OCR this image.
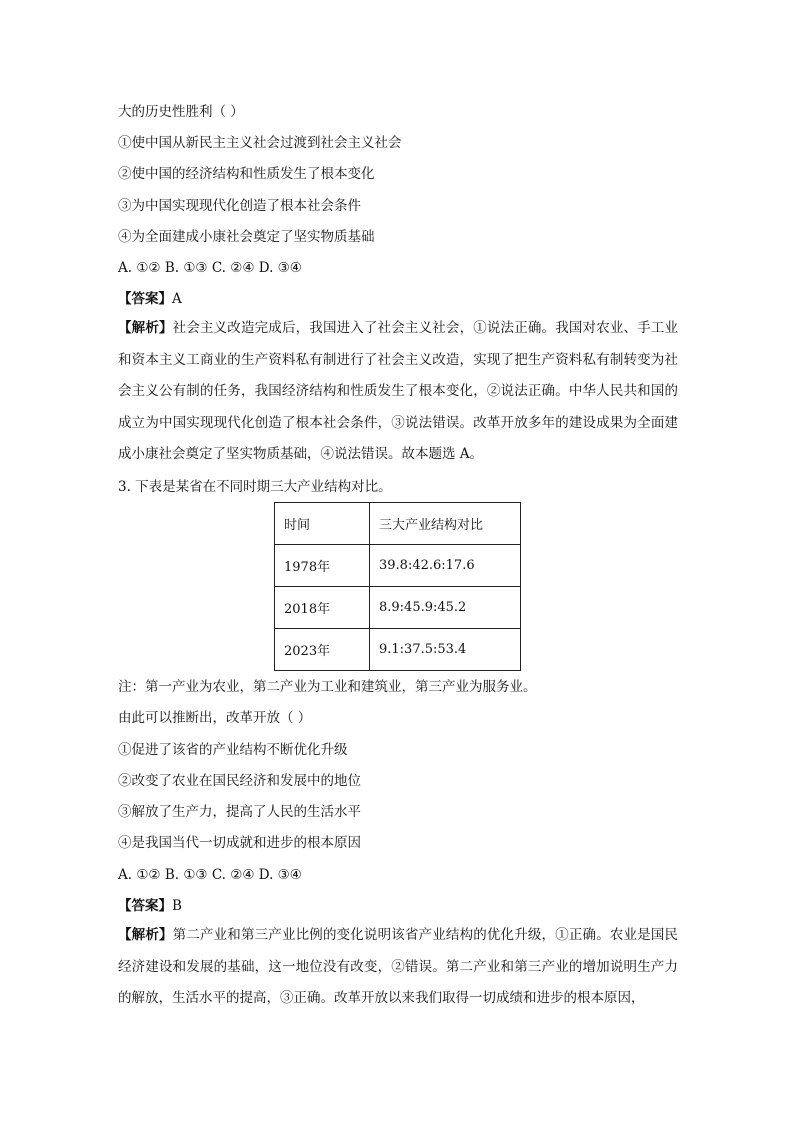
大的历史性胜利（ ）
①使中国从新民主主义社会过渡到社会主义社会
②使中国的经济结构和性质发生了根本变化
③为中国实现现代化创造了根本社会条件
④为全面建成小康社会奠定了坚实物质基础
A. ①② B. ①③ C. ②④ D. ③④
【答案】A
【解析】社会主义改造完成后，我国进入了社会主义社会，①说法正确。我国对农业、手工业和资本主义工商业的生产资料私有制进行了社会主义改造，实现了把生产资料私有制转变为社会主义公有制的任务，我国经济结构和性质发生了根本变化，②说法正确。中华人民共和国的成立为中国实现现代化创造了根本社会条件，③说法错误。改革开放多年的建设成果为全面建成小康社会奠定了坚实物质基础，④说法错误。故本题选 A。
3. 下表是某省在不同时期三大产业结构对比。
时间	三大产业结构对比
1978年	39.8:42.6:17.6
2018年	8.9:45.9:45.2
2023年	9.1:37.5:53.4
注：第一产业为农业，第二产业为工业和建筑业，第三产业为服务业。
由此可以推断出，改革开放（ ）
①促进了该省的产业结构不断优化升级
②改变了农业在国民经济和发展中的地位
③解放了生产力，提高了人民的生活水平
④是我国当代一切成就和进步的根本原因
A. ①② B. ①③ C. ②④ D. ③④
【答案】B
【解析】第二产业和第三产业比例的变化说明该省产业结构的优化升级，①正确。农业是国民经济建设和发展的基础，这一地位没有改变，②错误。第二产业和第三产业的增加说明生产力的解放，生活水平的提高，③正确。改革开放以来我们取得一切成绩和进步的根本原因，
